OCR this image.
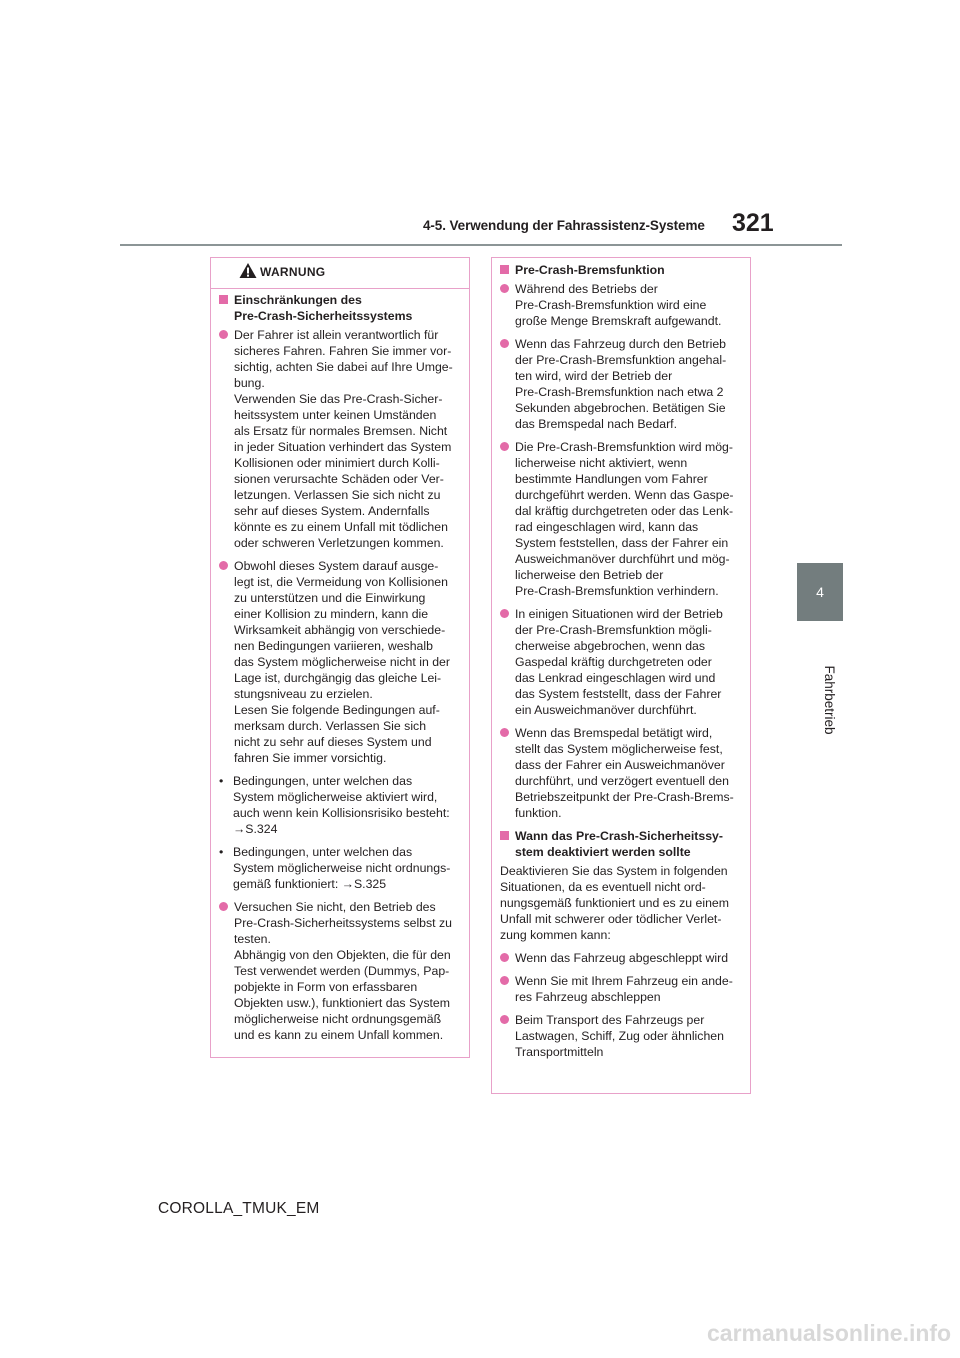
4-5. Verwendung der Fahrassistenz-Systeme 321
4
Fahrbetrieb
WARNUNG
Einschränkungen des
Pre-Crash-Sicherheitssystems
Der Fahrer ist allein verantwortlich für
sicheres Fahren. Fahren Sie immer vor-
sichtig, achten Sie dabei auf Ihre Umge-
bung.
Verwenden Sie das Pre-Crash-Sicher-
heitssystem unter keinen Umständen
als Ersatz für normales Bremsen. Nicht
in jeder Situation verhindert das System
Kollisionen oder minimiert durch Kolli-
sionen verursachte Schäden oder Ver-
letzungen. Verlassen Sie sich nicht zu
sehr auf dieses System. Andernfalls
könnte es zu einem Unfall mit tödlichen
oder schweren Verletzungen kommen.
Obwohl dieses System darauf ausge-
legt ist, die Vermeidung von Kollisionen
zu unterstützen und die Einwirkung
einer Kollision zu mindern, kann die
Wirksamkeit abhängig von verschiede-
nen Bedingungen variieren, weshalb
das System möglicherweise nicht in der
Lage ist, durchgängig das gleiche Lei-
stungsniveau zu erzielen.
Lesen Sie folgende Bedingungen auf-
merksam durch. Verlassen Sie sich
nicht zu sehr auf dieses System und
fahren Sie immer vorsichtig.
• Bedingungen, unter welchen das
System möglicherweise aktiviert wird,
auch wenn kein Kollisionsrisiko besteht:
→S.324
• Bedingungen, unter welchen das
System möglicherweise nicht ordnungs-
gemäß funktioniert: →S.325
Versuchen Sie nicht, den Betrieb des
Pre-Crash-Sicherheitssystems selbst zu
testen.
Abhängig von den Objekten, die für den
Test verwendet werden (Dummys, Pap-
pobjekte in Form von erfassbaren
Objekten usw.), funktioniert das System
möglicherweise nicht ordnungsgemäß
und es kann zu einem Unfall kommen.
Pre-Crash-Bremsfunktion
Während des Betriebs der
Pre-Crash-Bremsfunktion wird eine
große Menge Bremskraft aufgewandt.
Wenn das Fahrzeug durch den Betrieb
der Pre-Crash-Bremsfunktion angehal-
ten wird, wird der Betrieb der
Pre-Crash-Bremsfunktion nach etwa 2
Sekunden abgebrochen. Betätigen Sie
das Bremspedal nach Bedarf.
Die Pre-Crash-Bremsfunktion wird mög-
licherweise nicht aktiviert, wenn
bestimmte Handlungen vom Fahrer
durchgeführt werden. Wenn das Gaspe-
dal kräftig durchgetreten oder das Lenk-
rad eingeschlagen wird, kann das
System feststellen, dass der Fahrer ein
Ausweichmanöver durchführt und mög-
licherweise den Betrieb der
Pre-Crash-Bremsfunktion verhindern.
In einigen Situationen wird der Betrieb
der Pre-Crash-Bremsfunktion mögli-
cherweise abgebrochen, wenn das
Gaspedal kräftig durchgetreten oder
das Lenkrad eingeschlagen wird und
das System feststellt, dass der Fahrer
ein Ausweichmanöver durchführt.
Wenn das Bremspedal betätigt wird,
stellt das System möglicherweise fest,
dass der Fahrer ein Ausweichmanöver
durchführt, und verzögert eventuell den
Betriebszeitpunkt der Pre-Crash-Brems-
funktion.
Wann das Pre-Crash-Sicherheitssy-
stem deaktiviert werden sollte
Deaktivieren Sie das System in folgenden
Situationen, da es eventuell nicht ord-
nungsgemäß funktioniert und es zu einem
Unfall mit schwerer oder tödlicher Verlet-
zung kommen kann:
Wenn das Fahrzeug abgeschleppt wird
Wenn Sie mit Ihrem Fahrzeug ein ande-
res Fahrzeug abschleppen
Beim Transport des Fahrzeugs per
Lastwagen, Schiff, Zug oder ähnlichen
Transportmitteln
COROLLA_TMUK_EM
carmanualsonline.info
